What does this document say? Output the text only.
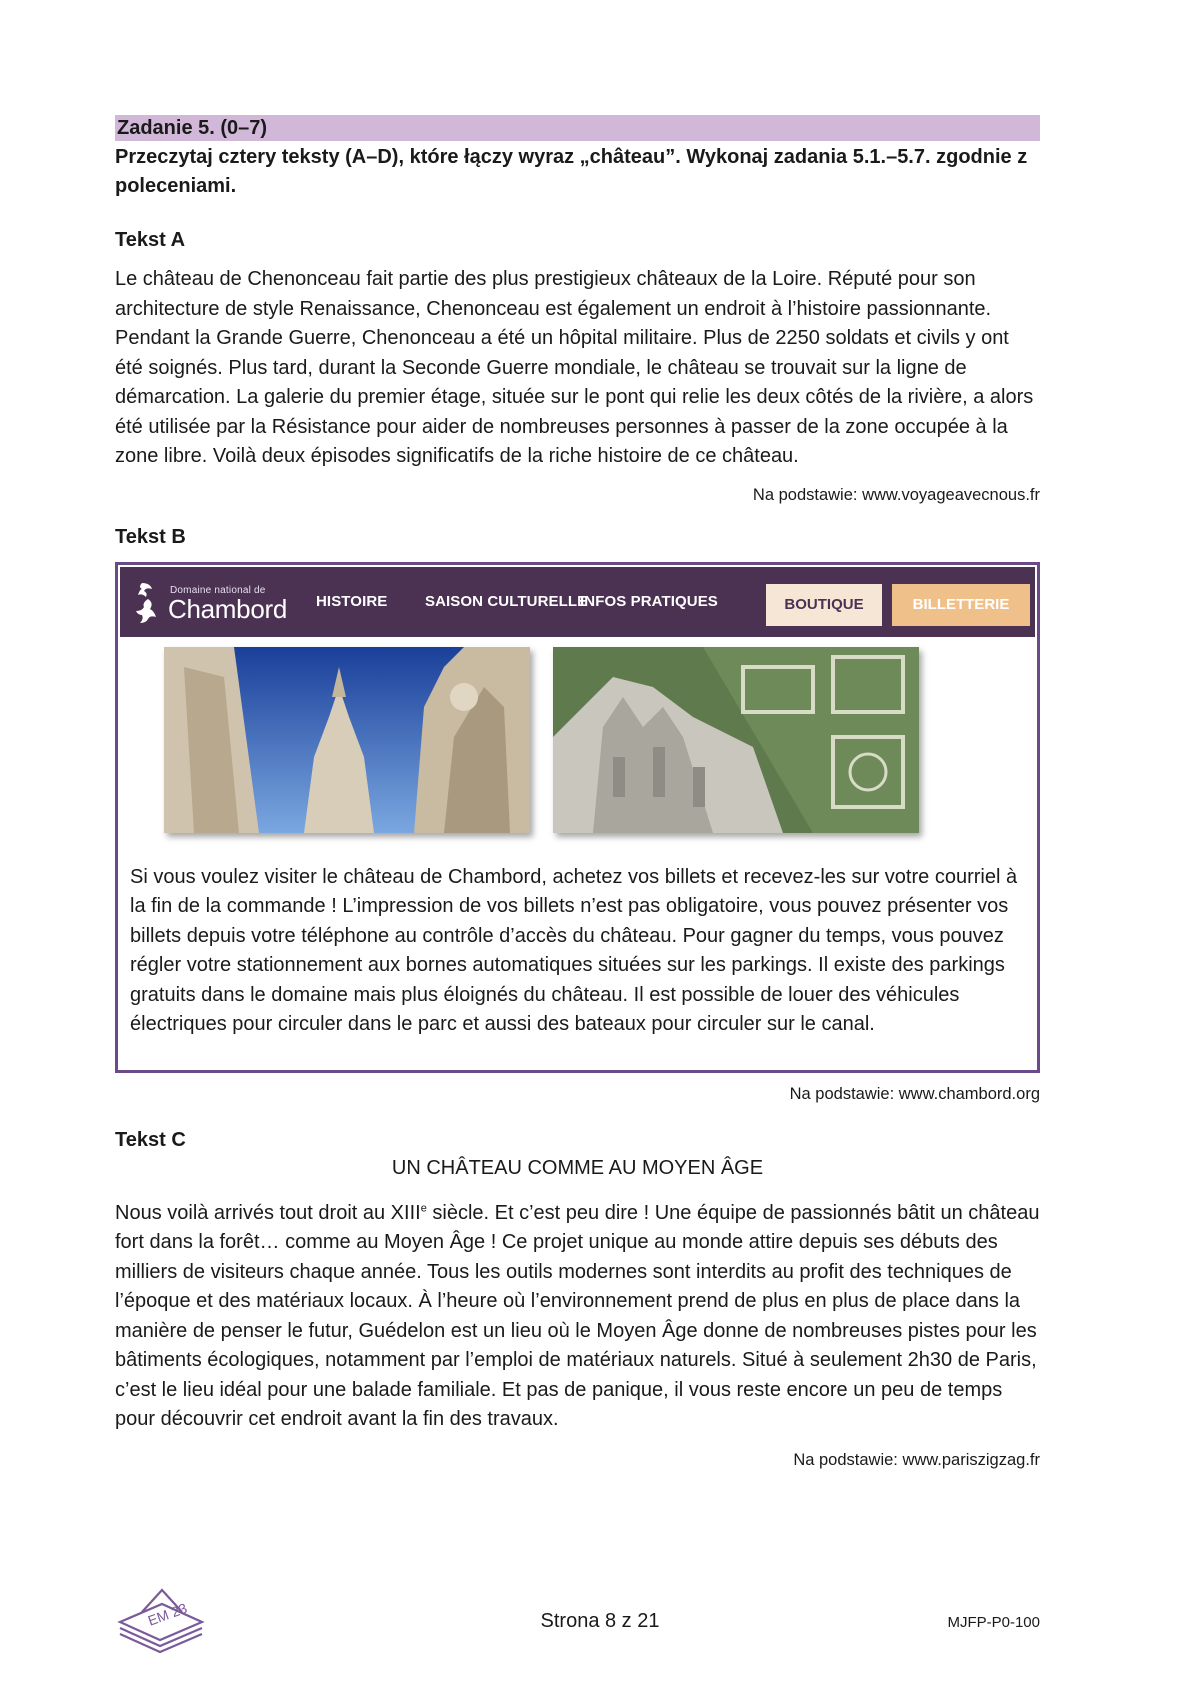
Zadanie 5. (0–7)
Przeczytaj cztery teksty (A–D), które łączy wyraz „château”. Wykonaj zadania 5.1.–5.7. zgodnie z poleceniami.
Tekst A

Le château de Chenonceau fait partie des plus prestigieux châteaux de la Loire. Réputé pour son architecture de style Renaissance, Chenonceau est également un endroit à l’histoire passionnante. Pendant la Grande Guerre, Chenonceau a été un hôpital militaire. Plus de 2250 soldats et civils y ont été soignés. Plus tard, durant la Seconde Guerre mondiale, le château se trouvait sur la ligne de démarcation. La galerie du premier étage, située sur le pont qui relie les deux côtés de la rivière, a alors été utilisée par la Résistance pour aider de nombreuses personnes à passer de la zone occupée à la zone libre. Voilà deux épisodes significatifs de la riche histoire de ce château.

Na podstawie: www.voyageavecnous.fr
Tekst B
Domaine national de
Chambord HISTOIRE	SAISON CULTURELLE
INFOS PRATIQUES	BOUTIQUE	BILLETTERIE

Si vous voulez visiter le château de Chambord, achetez vos billets et recevez-les sur votre courriel à la fin de la commande ! L’impression de vos billets n’est pas obligatoire, vous pouvez présenter vos billets depuis votre téléphone au contrôle d’accès du château. Pour gagner du temps, vous pouvez régler votre stationnement aux bornes automatiques situées sur les parkings. Il existe des parkings gratuits dans le domaine mais plus éloignés du château. Il est possible de louer des véhicules électriques pour circuler dans le parc et aussi des bateaux pour circuler sur le canal.

Na podstawie: www.chambord.org
Tekst C
UN CHÂTEAU COMME AU MOYEN ÂGE

Nous voilà arrivés tout droit au XIIIe siècle. Et c’est peu dire ! Une équipe de passionnés bâtit un château fort dans la forêt… comme au Moyen Âge ! Ce projet unique au monde attire depuis ses débuts des milliers de visiteurs chaque année. Tous les outils modernes sont interdits au profit des techniques de l’époque et des matériaux locaux. À l’heure où l’environnement prend de plus en plus de place dans la manière de penser le futur, Guédelon est un lieu où le Moyen Âge donne de nombreuses pistes pour les bâtiments écologiques, notamment par l’emploi de matériaux naturels. Situé à seulement 2h30 de Paris, c’est le lieu idéal pour une balade familiale. Et pas de panique, il vous reste encore un peu de temps pour découvrir cet endroit avant la fin des travaux.

Na podstawie: www.pariszigzag.fr
EM 23	Strona 8 z 21	MJFP-P0-100
